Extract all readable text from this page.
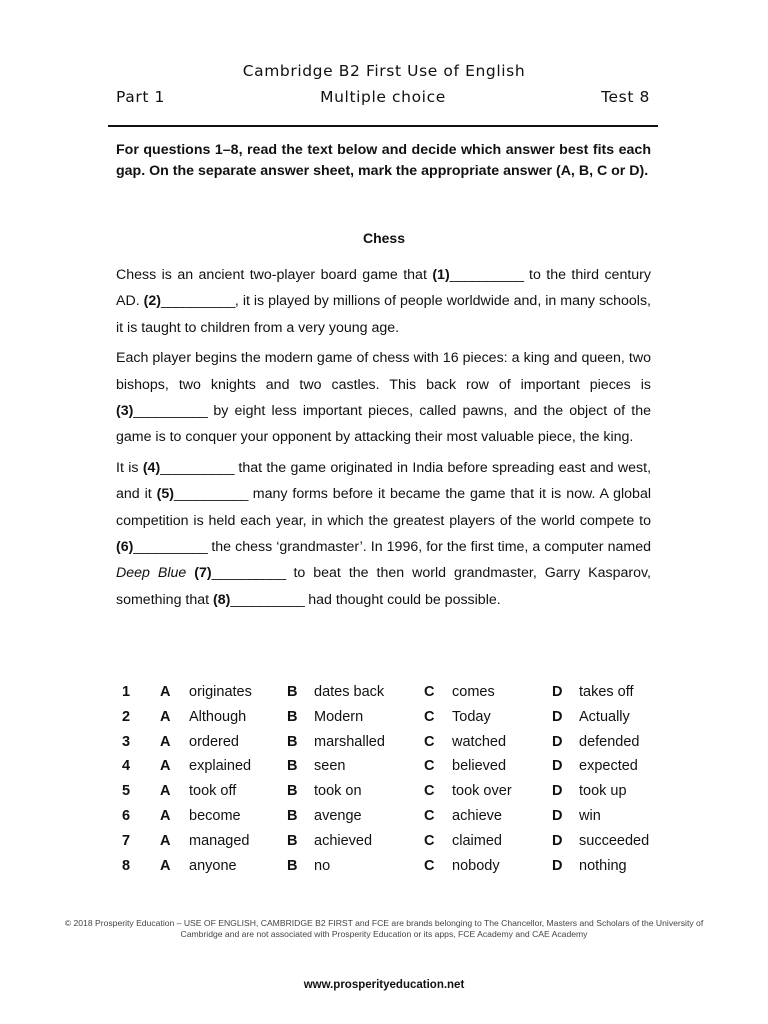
Cambridge B2 First Use of English
Part 1	Multiple choice	Test 8

For questions 1–8, read the text below and decide which answer best fits each gap. On the separate answer sheet, mark the appropriate answer (A, B, C or D).

Chess

Chess is an ancient two-player board game that (1)__________ to the third century AD. (2)__________, it is played by millions of people worldwide and, in many schools, it is taught to children from a very young age.

Each player begins the modern game of chess with 16 pieces: a king and queen, two bishops, two knights and two castles. This back row of important pieces is (3)__________ by eight less important pieces, called pawns, and the object of the game is to conquer your opponent by attacking their most valuable piece, the king.

It is (4)__________ that the game originated in India before spreading east and west, and it (5)__________ many forms before it became the game that it is now. A global competition is held each year, in which the greatest players of the world compete to (6)__________ the chess ‘grandmaster’. In 1996, for the first time, a computer named Deep Blue (7)__________ to beat the then world grandmaster, Garry Kasparov, something that (8)__________ had thought could be possible.

1 A originates B dates back	C comes	D takes off
2 A Although	B Modern	C Today	D Actually
3 A ordered	B marshalled	C watched	D defended
4 A explained B seen	C believed	D expected
5 A took off	B took on	C took over	D took up
6 A become	B avenge	C achieve	D win
7 A managed	B achieved	C claimed	D succeeded
8 A anyone	B no	C nobody	D nothing
© 2018 Prosperity Education – USE OF ENGLISH, CAMBRIDGE B2 FIRST and FCE are brands belonging to The Chancellor, Masters and Scholars of the University of Cambridge and are not associated with Prosperity Education or its apps, FCE Academy and CAE Academy
www.prosperityeducation.net
